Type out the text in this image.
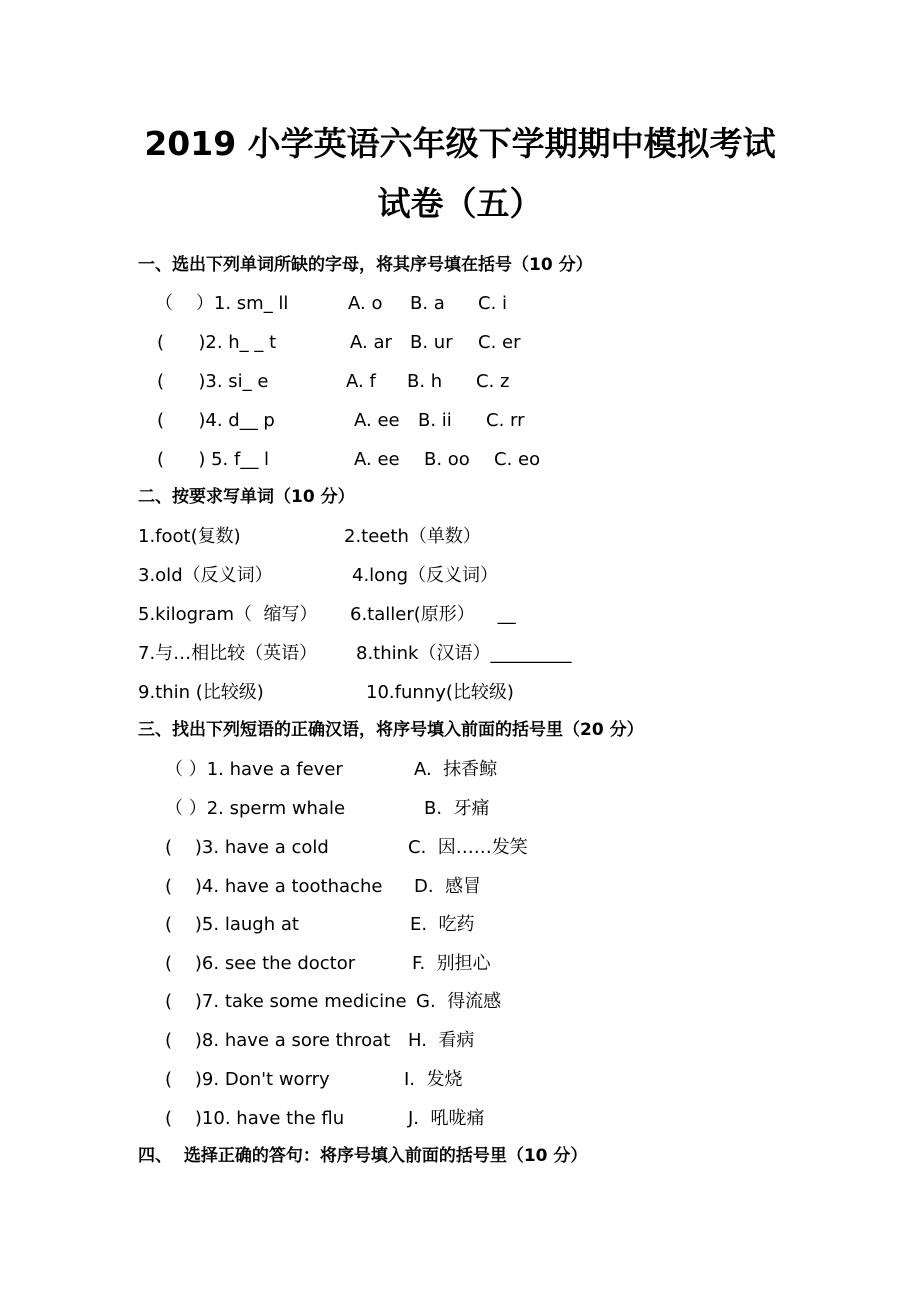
2019 小学英语六年级下学期期中模拟考试
试卷（五）
一、选出下列单词所缺的字母，将其序号填在括号（10 分）
（    ）1. sm_ ll	A. o B. a C. i
(      )2. h_ _ t	A. ar B. ur C. er
(      )3. si_ e	A. f B. h C. z
(      )4. d__ p	A. ee B. ii C. rr
(      ) 5. f__ l	A. ee B. oo C. eo
二、按要求写单词（10 分）
1.foot(复数)	2.teeth（单数）
3.old（反义词）	4.long（反义词）
5.kilogram（  缩写） 6.taller(原形）    __
7.与…相比较（英语） 8.think（汉语）_________
9.thin (比较级)	10.funny(比较级)
三、找出下列短语的正确汉语，将序号填入前面的括号里（20 分）
（ ）1. have a fever	A.  抹香鲸
（ ）2. sperm whale	B.  牙痛
(    )3. have a cold	C.  因……发笑
(    )4. have a toothache D.  感冒
(    )5. laugh at	E.  吃药
(    )6. see the doctor	F.  别担心
(    )7. take some medicine G.  得流感
(    )8. have a sore throat H.  看病
(    )9. Don't worry	I.  发烧
(    )10. have the flu	J.  吼咙痛
四、  选择正确的答句：将序号填入前面的括号里（10 分）
